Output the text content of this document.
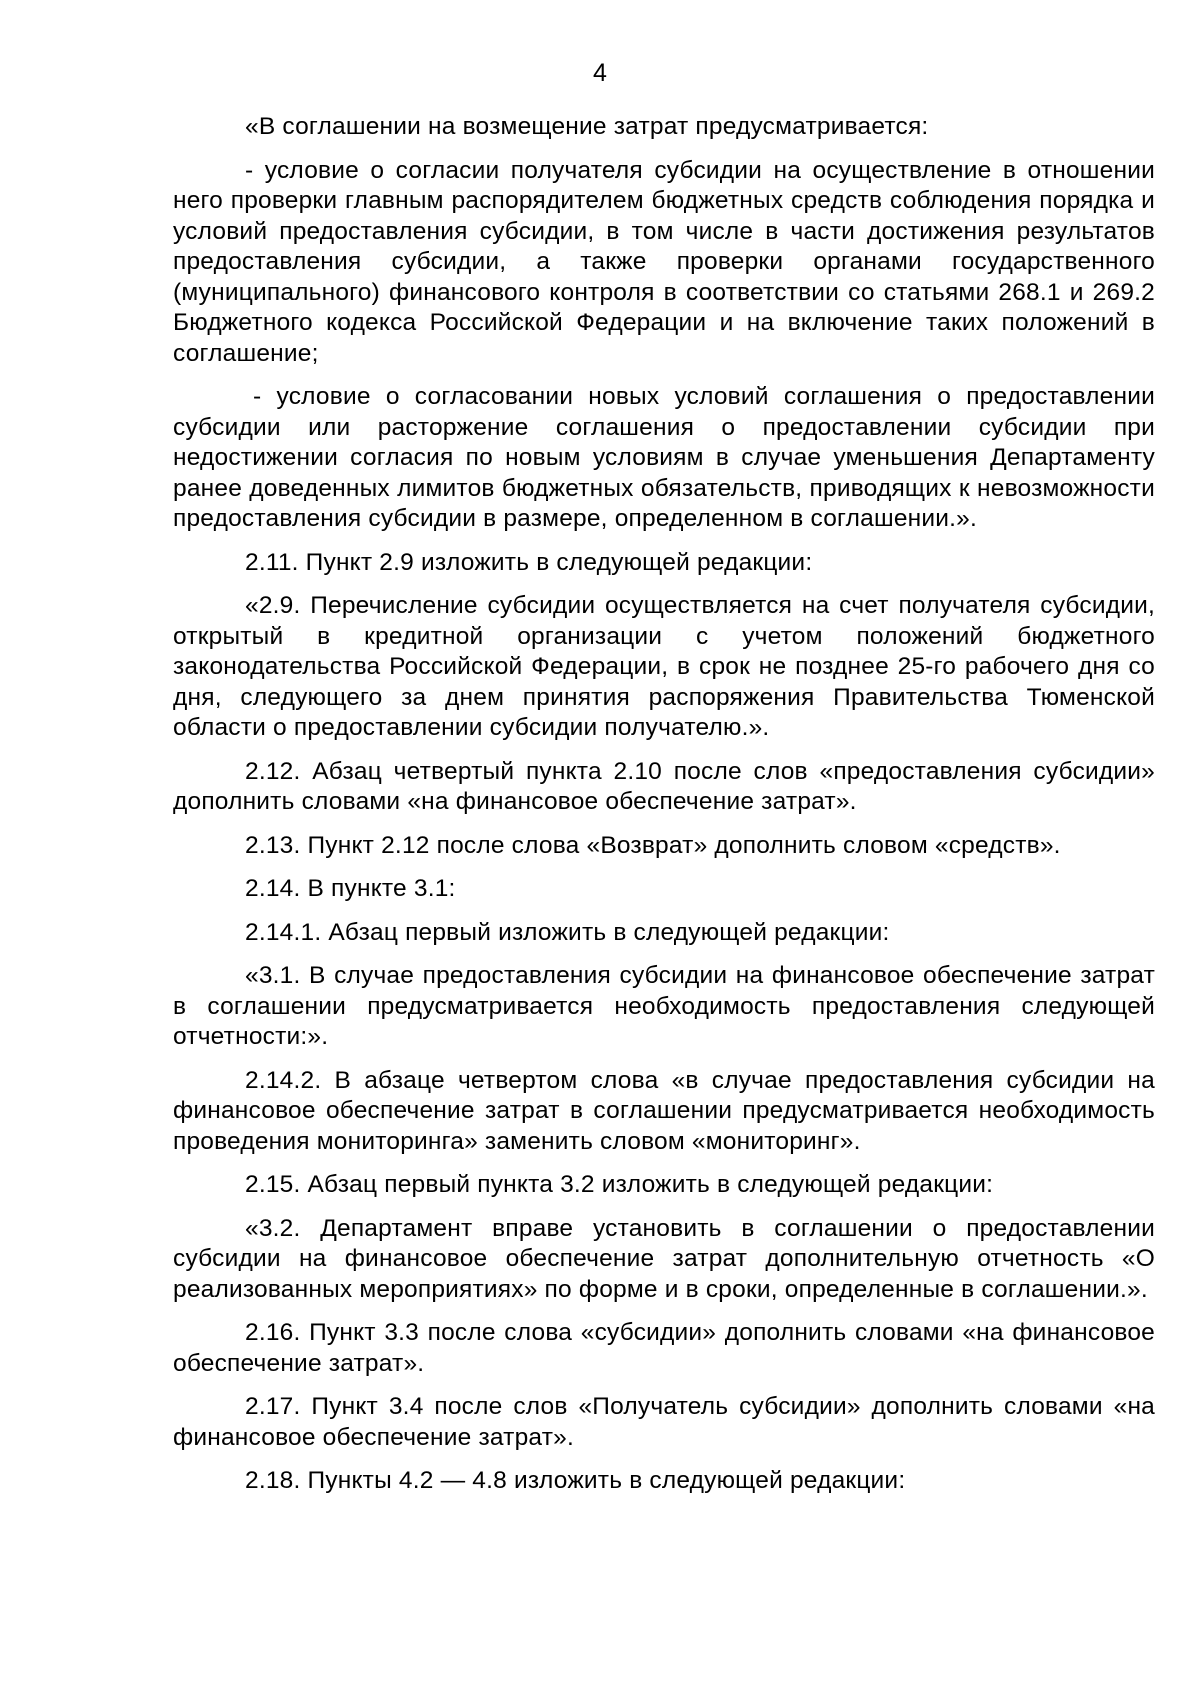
4

«В соглашении на возмещение затрат предусматривается:

- условие о согласии получателя субсидии на осуществление в отношении него проверки главным распорядителем бюджетных средств соблюдения порядка и условий предоставления субсидии, в том числе в части достижения результатов предоставления субсидии, а также проверки органами государственного (муниципального) финансового контроля в соответствии со статьями 268.1 и 269.2 Бюджетного кодекса Российской Федерации и на включение таких положений в соглашение;

- условие о согласовании новых условий соглашения о предоставлении субсидии или расторжение соглашения о предоставлении субсидии при недостижении согласия по новым условиям в случае уменьшения Департаменту ранее доведенных лимитов бюджетных обязательств, приводящих к невозможности предоставления субсидии в размере, определенном в соглашении.».

2.11. Пункт 2.9 изложить в следующей редакции:

«2.9. Перечисление субсидии осуществляется на счет получателя субсидии, открытый в кредитной организации с учетом положений бюджетного законодательства Российской Федерации, в срок не позднее 25-го рабочего дня со дня, следующего за днем принятия распоряжения Правительства Тюменской области о предоставлении субсидии получателю.».

2.12. Абзац четвертый пункта 2.10 после слов «предоставления субсидии» дополнить словами «на финансовое обеспечение затрат».

2.13. Пункт 2.12 после слова «Возврат» дополнить словом «средств».

2.14. В пункте 3.1:

2.14.1. Абзац первый изложить в следующей редакции:

«3.1. В случае предоставления субсидии на финансовое обеспечение затрат в соглашении предусматривается необходимость предоставления следующей отчетности:».

2.14.2. В абзаце четвертом слова «в случае предоставления субсидии на финансовое обеспечение затрат в соглашении предусматривается необходимость проведения мониторинга» заменить словом «мониторинг».

2.15. Абзац первый пункта 3.2 изложить в следующей редакции:

«3.2. Департамент вправе установить в соглашении о предоставлении субсидии на финансовое обеспечение затрат дополнительную отчетность «О реализованных мероприятиях» по форме и в сроки, определенные в соглашении.».

2.16. Пункт 3.3 после слова «субсидии» дополнить словами «на финансовое обеспечение затрат».

2.17. Пункт 3.4 после слов «Получатель субсидии» дополнить словами «на финансовое обеспечение затрат».

2.18. Пункты 4.2 — 4.8 изложить в следующей редакции:
